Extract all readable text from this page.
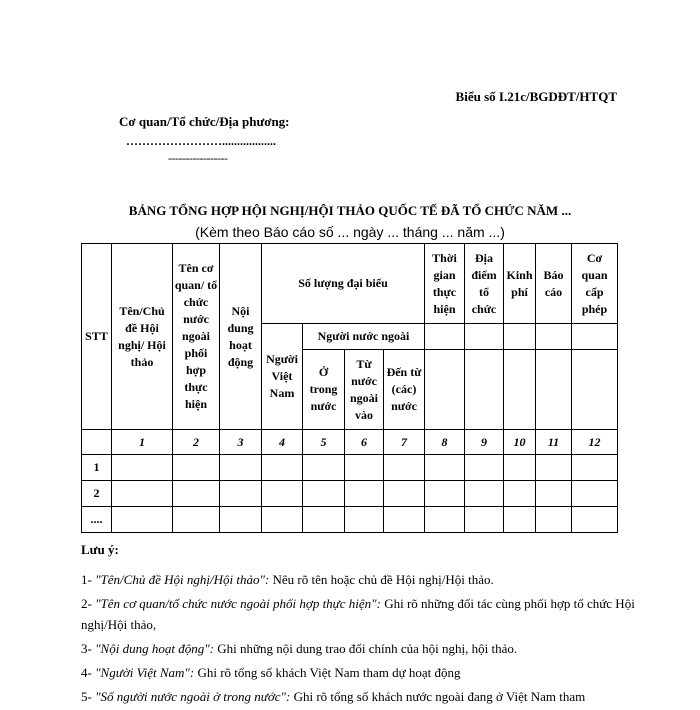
Biểu số I.21c/BGDĐT/HTQT
Cơ quan/Tổ chức/Địa phương:
……………………..................
-----------------
BẢNG TỔNG HỢP HỘI NGHỊ/HỘI THẢO QUỐC TẾ ĐÃ TỔ CHỨC NĂM ...
(Kèm theo Báo cáo số ... ngày ... tháng ... năm ...)
STT	Tên/Chủ đề Hội nghị/ Hội thảo	Tên cơ quan/ tổ chức nước ngoài phối hợp thực hiện	Nội dung hoạt động	Số lượng đại biểu				Thời gian thực hiện	Địa điểm tổ chức	Kinh phí	Báo cáo	Cơ quan cấp phép
				Người Việt Nam	Người nước ngoài							
					Ở trong nước	Từ nước ngoài vào	Đến từ (các) nước					
	1	2	3	4	5	6	7	8	9	10	11	12
1												
2												
....												
Lưu ý:

1- "Tên/Chủ đề Hội nghị/Hội thảo": Nêu rõ tên hoặc chủ đề Hội nghị/Hội thảo.

2- "Tên cơ quan/tổ chức nước ngoài phối hợp thực hiện": Ghi rõ những đối tác cùng phối hợp tổ chức Hội nghị/Hội thảo,

3- "Nội dung hoạt động": Ghi những nội dung trao đổi chính của hội nghị, hội thảo.

4- "Người Việt Nam": Ghi rõ tổng số khách Việt Nam tham dự hoạt động

5- "Số người nước ngoài ở trong nước": Ghi rõ tổng số khách nước ngoài đang ở Việt Nam tham
